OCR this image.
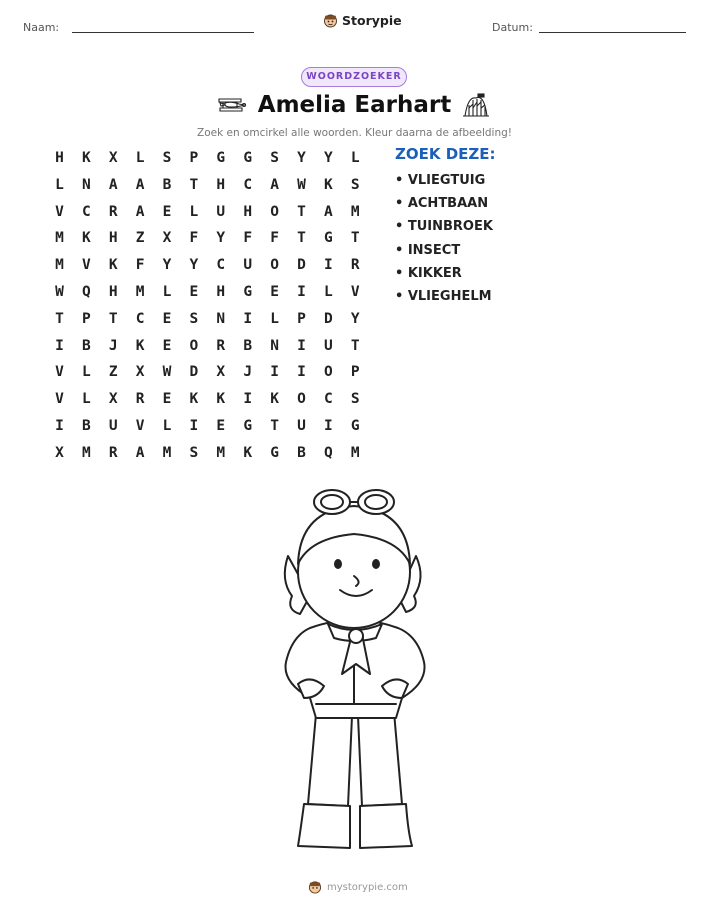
Naam:	Storypie	Datum:
WOORDZOEKER
Amelia Earhart
Zoek en omcirkel alle woorden. Kleur daarna de afbeelding!
H	K	X	L	S	P	G	G	S	Y	Y	L
L	N	A	A	B	T	H	C	A	W	K	S
V	C	R	A	E	L	U	H	O	T	A	M
M	K	H	Z	X	F	Y	F	F	T	G	T
M	V	K	F	Y	Y	C	U	O	D	I	R
W	Q	H	M	L	E	H	G	E	I	L	V
T	P	T	C	E	S	N	I	L	P	D	Y
I	B	J	K	E	O	R	B	N	I	U	T
V	L	Z	X	W	D	X	J	I	I	O	P
V	L	X	R	E	K	K	I	K	O	C	S
I	B	U	V	L	I	E	G	T	U	I	G
X	M	R	A	M	S	M	K	G	B	Q	M
ZOEK DEZE:
• VLIEGTUIG
• ACHTBAAN
• TUINBROEK
• INSECT
• KIKKER
• VLIEGHELM
mystorypie.com
